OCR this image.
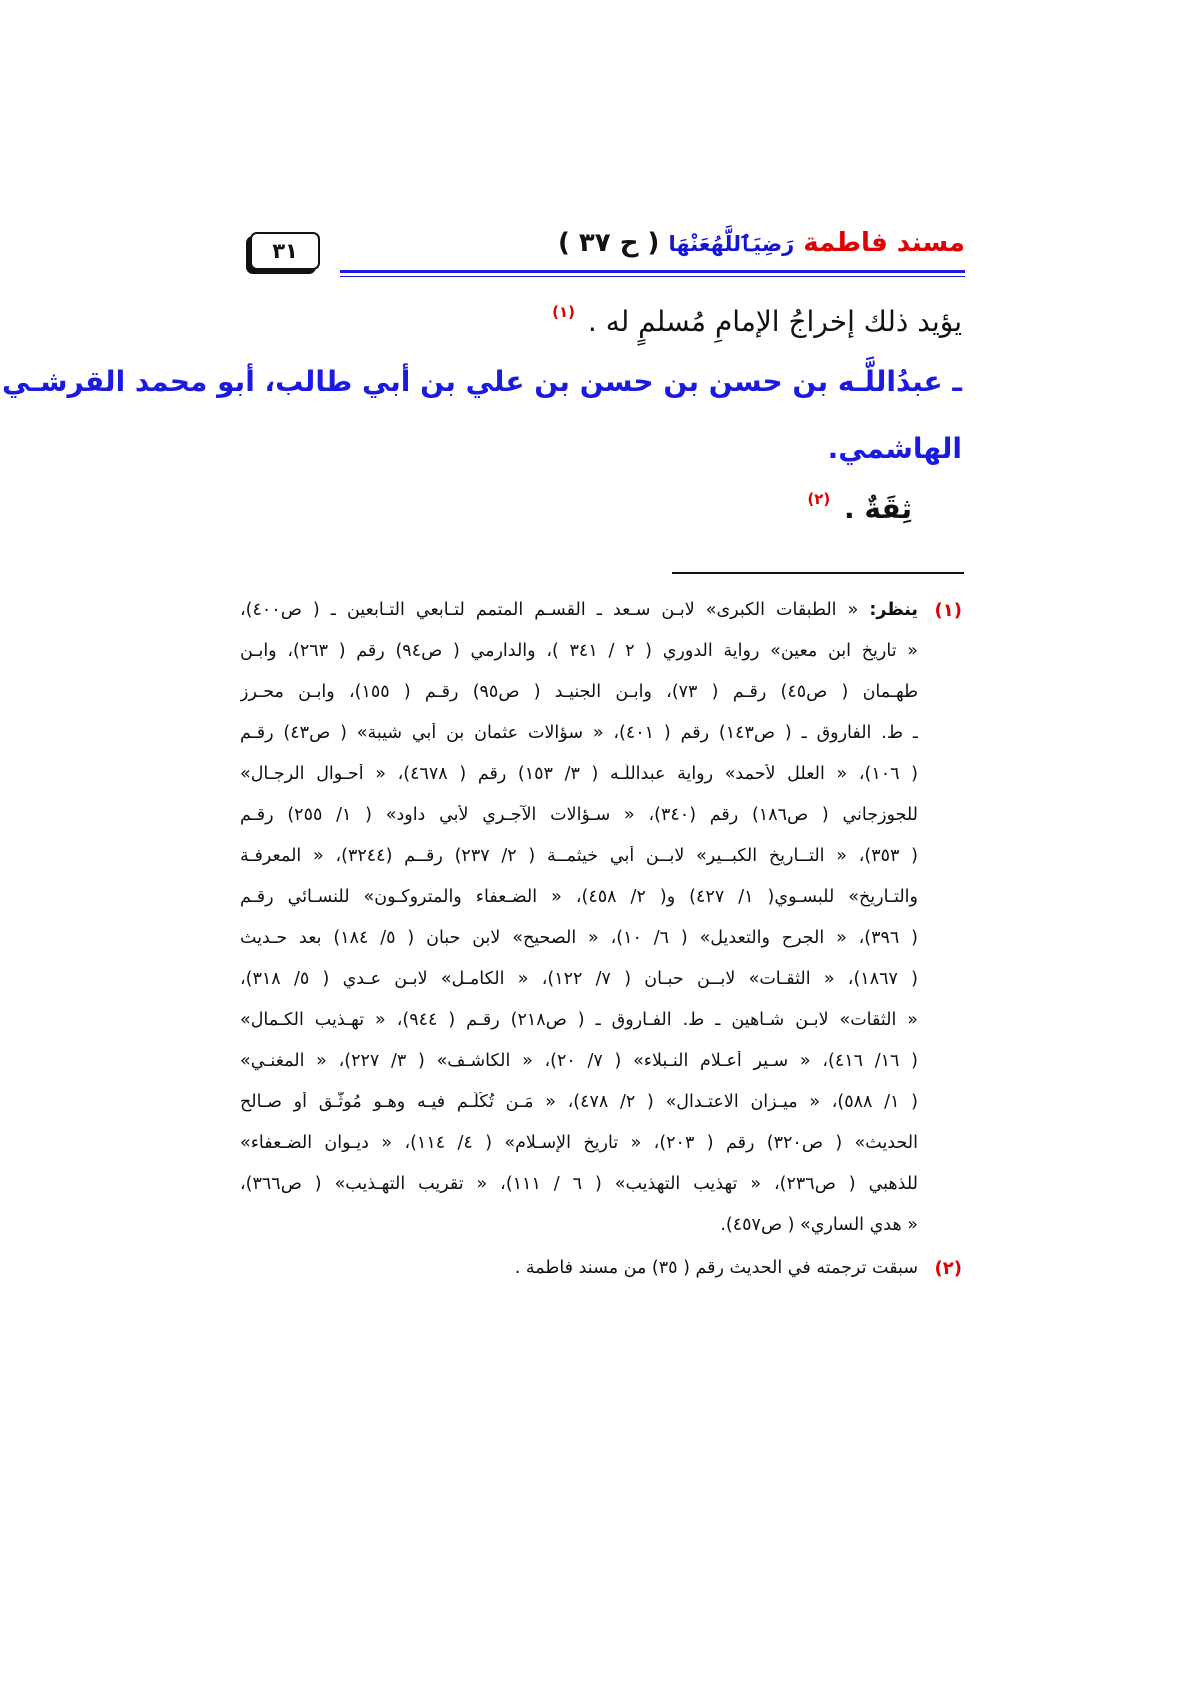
مسند فاطمة رَضِيَٱللَّهُعَنْهَا ( ح ٣٧ )
٣١
يؤيد ذلك إخراجُ الإمامِ مُسلمٍ له . $^{(١)}$
ـ عبدُاللَّـه بن حسن بن حسن بن علي بن أبي طالب، أبو محمد القرشـي
الهاشمي.
ثِقَةٌ . $^{(٢)}$
(١)
ينظر: « الطبقات الكبرى» لابـن سـعد ـ القسـم المتمم لتـابعي التـابعين ـ ( ص٤٠٠)،
« تاريخ ابن معين» رواية الدوري ( ٢ / ٣٤١ )، والدارمي ( ص٩٤) رقم ( ٢٦٣)، وابـن
طهـمان ( ص٤٥) رقـم ( ٧٣)، وابـن الجنيـد ( ص٩٥) رقـم ( ١٥٥)، وابـن محـرز
ـ ط. الفاروق ـ ( ص١٤٣) رقم ( ٤٠١)، « سؤالات عثمان بن أبي شيبة» ( ص٤٣) رقـم
( ١٠٦)، « العلل لأحمد» رواية عبداللَّـه ( ٣/ ١٥٣) رقم ( ٤٦٧٨)، « أحـوال الرجـال»
للجوزجاني ( ص١٨٦) رقم (٣٤٠)، « سـؤالات الآجـري لأبي داود» ( ١/ ٢٥٥) رقـم
( ٣٥٣)، « التــاريخ الكبــير» لابــن أبي خيثمــة ( ٢/ ٢٣٧) رقــم (٣٢٤٤)، « المعرفـة
والتـاريخ» للبسـوي( ١/ ٤٢٧) و( ٢/ ٤٥٨)، « الضـعفاء والمتروكـون» للنسـائي رقـم
( ٣٩٦)، « الجرح والتعديل» ( ٦/ ١٠)، « الصحيح» لابن حبان ( ٥/ ١٨٤) بعد حـديث
( ١٨٦٧)، « الثقـات» لابــن حبـان ( ٧/ ١٢٢)، « الكامـل» لابـن عـدي ( ٥/ ٣١٨)،
« الثقات» لابـن شـاهين ـ ط. الفـاروق ـ ( ص٢١٨) رقـم ( ٩٤٤)، « تهـذيب الكـمال»
( ١٦/ ٤١٦)، « سـير أعـلام النـبلاء» ( ٧/ ٢٠)، « الكاشـف» ( ٣/ ٢٢٧)، « المغنـي»
( ١/ ٥٨٨)، « ميـزان الاعتـدال» ( ٢/ ٤٧٨)، « مَـن تُكُلِّـم فيـه وهـو مُوثَّـق أو صـالح
الحديث» ( ص٣٢٠) رقم ( ٢٠٣)، « تاريخ الإسـلام» ( ٤/ ١١٤)، « ديـوان الضـعفاء»
للذهبي ( ص٢٣٦)، « تهذيب التهذيب» ( ٦ / ١١١)، « تقريب التهـذيب» ( ص٣٦٦)،
« هدي الساري» ( ص٤٥٧).
(٢)
سبقت ترجمته في الحديث رقم ( ٣٥) من مسند فاطمة .
